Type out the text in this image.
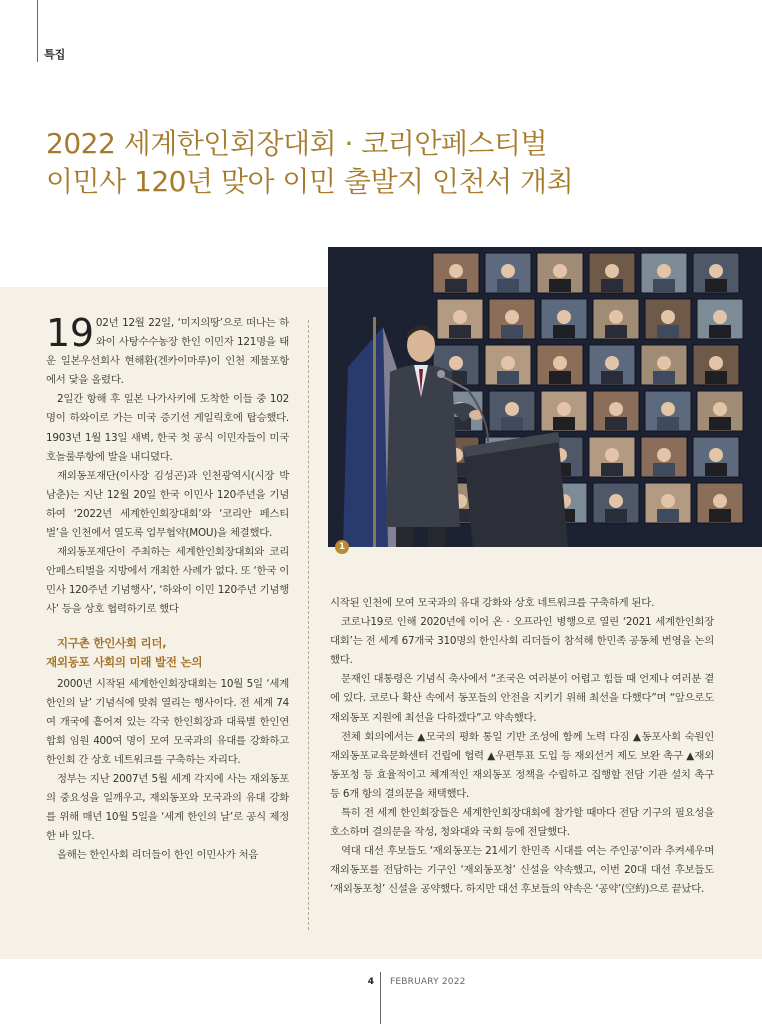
특집
2022 세계한인회장대회 · 코리안페스티벌
이민사 120년 맞아 이민 출발지 인천서 개최
1

19 02년 12월 22일, ‘미지의땅’으로 떠나는 하와이 사탕수수농장 한인 이민자 121명을 태운 일본우선회사 현해환(겐카이마루)이 인천 제물포항에서 닻을 올렸다.

2일간 항해 후 일본 나가사키에 도착한 이들 중 102명이 하와이로 가는 미국 증기선 게일릭호에 탑승했다. 1903년 1월 13일 새벽, 한국 첫 공식 이민자들이 미국 호놀룰루항에 발을 내디뎠다.

재외동포재단(이사장 김성곤)과 인천광역시(시장 박남춘)는 지난 12월 20일 한국 이민사 120주년을 기념하여 ‘2022년 세계한인회장대회’와 ‘코리안 페스티벌’을 인천에서 열도록 업무협약(MOU)을 체결했다.

재외동포재단이 주최하는 세계한인회장대회와 코리안페스티벌을 지방에서 개최한 사례가 없다. 또 ‘한국 이민사 120주년 기념행사’, ‘하와이 이민 120주년 기념행사’ 등을 상호 협력하기로 했다

지구촌 한인사회 리더,
재외동포 사회의 미래 발전 논의

2000년 시작된 세계한인회장대회는 10월 5일 ‘세계한인의 날’ 기념식에 맞춰 열리는 행사이다. 전 세계 74여 개국에 흩어져 있는 각국 한인회장과 대륙별 한인연합회 임원 400여 명이 모여 모국과의 유대를 강화하고 한인회 간 상호 네트워크를 구축하는 자리다.

정부는 지난 2007년 5월 세계 각지에 사는 재외동포의 중요성을 일깨우고, 재외동포와 모국과의 유대 강화를 위해 매년 10월 5일을 ‘세계 한인의 날’로 공식 제정한 바 있다.

올해는 한인사회 리더들이 한인 이민사가 처음

시작된 인천에 모여 모국과의 유대 강화와 상호 네트워크를 구축하게 된다.

코로나19로 인해 2020년에 이어 온 · 오프라인 병행으로 열린 ‘2021 세계한인회장대회’는 전 세계 67개국 310명의 한인사회 리더들이 참석해 한민족 공동체 번영을 논의했다.

문재인 대통령은 기념식 축사에서 “조국은 여러분이 어렵고 힘들 때 언제나 여러분 곁에 있다. 코로나 확산 속에서 동포들의 안전을 지키기 위해 최선을 다했다”며 “앞으로도 재외동포 지원에 최선을 다하겠다”고 약속했다.

전체 회의에서는 ▲모국의 평화 통일 기반 조성에 함께 노력 다짐 ▲동포사회 숙원인 재외동포교육문화센터 건립에 협력 ▲우편투표 도입 등 재외선거 제도 보완 촉구 ▲재외동포청 등 효율적이고 체계적인 재외동포 정책을 수립하고 집행할 전담 기관 설치 촉구 등 6개 항의 결의문을 채택했다.

특히 전 세계 한인회장들은 세계한인회장대회에 참가할 때마다 전담 기구의 필요성을 호소하며 결의문을 작성, 청와대와 국회 등에 전달했다.

역대 대선 후보들도 ‘재외동포는 21세기 한민족 시대를 여는 주인공’이라 추켜세우며 재외동포를 전담하는 기구인 ‘재외동포청’ 신설을 약속했고, 이번 20대 대선 후보들도 ‘재외동포청’ 신설을 공약했다. 하지만 대선 후보들의 약속은 ‘공약’(空約)으로 끝났다.

4 FEBRUARY 2022
